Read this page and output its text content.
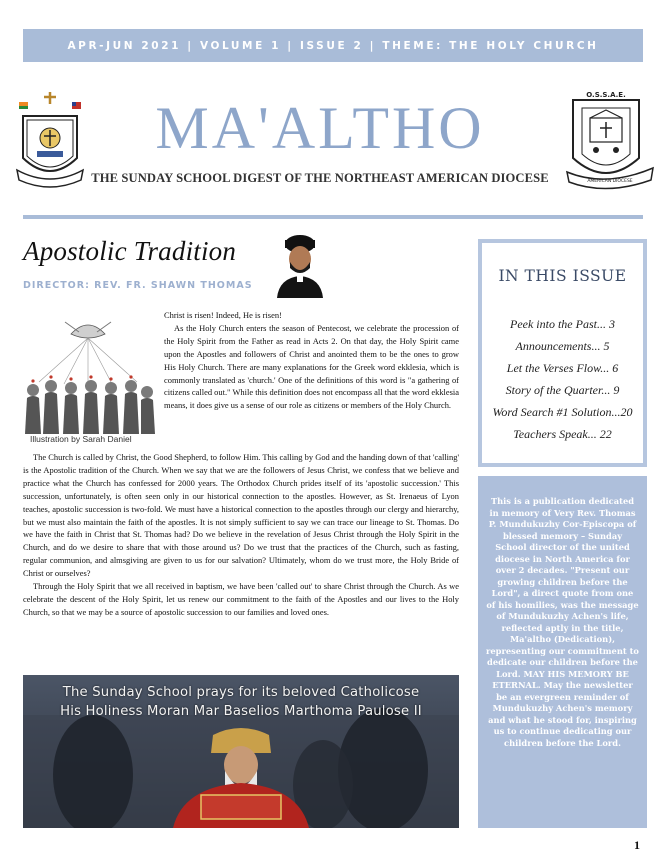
APR-JUN 2021 | VOLUME 1 | ISSUE 2 | THEME: THE HOLY CHURCH
MA'ALTHO
THE SUNDAY SCHOOL DIGEST OF THE NORTHEAST AMERICAN DIOCESE
O.S.S.A.E.
AMERICAN DIOCESE
Apostolic Tradition
DIRECTOR: REV. FR. SHAWN THOMAS
Illustration by Sarah Daniel

Christ is risen! Indeed, He is risen!

As the Holy Church enters the season of Pentecost, we celebrate the procession of the Holy Spirit from the Father as read in Acts 2. On that day, the Holy Spirit came upon the Apostles and followers of Christ and anointed them to be the ones to grow His Holy Church. There are many explanations for the Greek word ekklesia, which is commonly translated as 'church.' One of the definitions of this word is "a gathering of citizens called out." While this definition does not encompass all that the word ekklesia means, it does give us a sense of our role as citizens or members of the Holy Church.

The Church is called by Christ, the Good Shepherd, to follow Him. This calling by God and the handing down of that 'calling' is the Apostolic tradition of the Church. When we say that we are the followers of Jesus Christ, we confess that we believe and practice what the Church has confessed for 2000 years. The Orthodox Church prides itself of its 'apostolic succession.' This succession, unfortunately, is often seen only in our historical connection to the apostles. However, as St. Irenaeus of Lyon teaches, apostolic succession is two-fold. We must have a historical connection to the apostles through our clergy and hierarchy, but we must also maintain the faith of the apostles. It is not simply sufficient to say we can trace our lineage to St. Thomas. Do we have the faith in Christ that St. Thomas had? Do we believe in the revelation of Jesus Christ through the Holy Spirit in the Church, and do we desire to share that with those around us? Do we trust that the practices of the Church, such as fasting, regular communion, and almsgiving are given to us for our salvation? Ultimately, whom do we trust more, the Holy Bride of Christ or ourselves?

Through the Holy Spirit that we all received in baptism, we have been 'called out' to share Christ through the Church. As we celebrate the descent of the Holy Spirit, let us renew our commitment to the faith of the Apostles and our lives to the Holy Church, so that we may be a source of apostolic succession to our families and loved ones.

The Sunday School prays for its beloved Catholicose
His Holiness Moran Mar Baselios Marthoma Paulose II
IN THIS ISSUE
Peek into the Past... 3
Announcements... 5
Let the Verses Flow... 6
Story of the Quarter... 9
Word Search #1 Solution...20
Teachers Speak... 22

This is a publication dedicated in memory of Very Rev. Thomas P. Mundukuzhy Cor-Episcopa of blessed memory – Sunday School director of the united diocese in North America for over 2 decades. "Present our growing children before the Lord", a direct quote from one of his homilies, was the message of Mundukuzhy Achen's life, reflected aptly in the title, Ma'altho (Dedication), representing our commitment to dedicate our children before the Lord. MAY HIS MEMORY BE ETERNAL. May the newsletter be an evergreen reminder of Mundukuzhy Achen's memory and what he stood for, inspiring us to continue dedicating our children before the Lord.

1
